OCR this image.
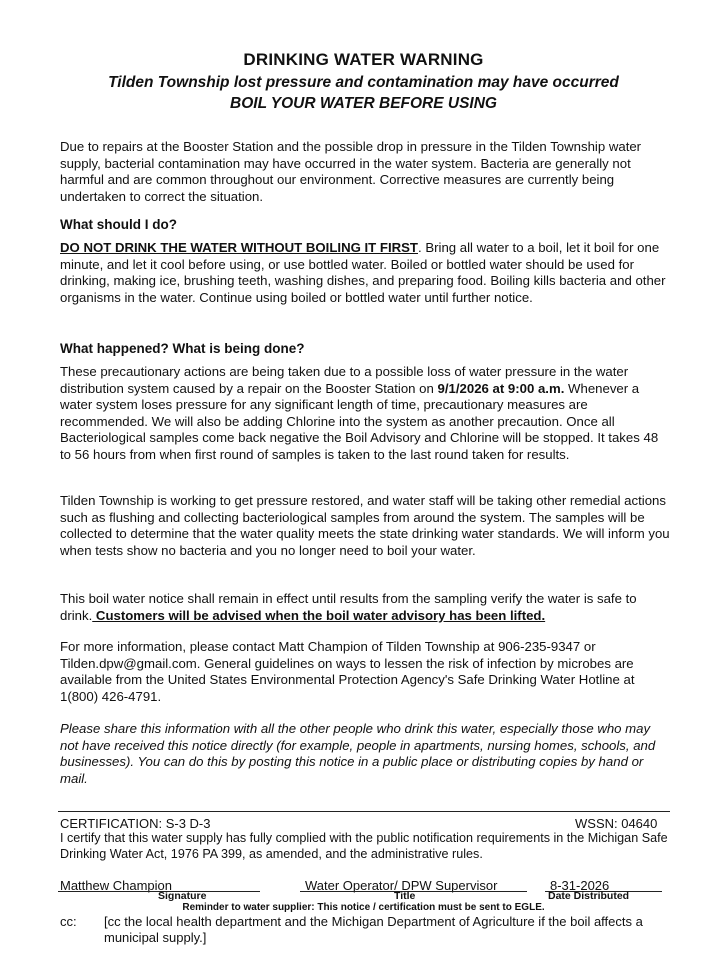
DRINKING WATER WARNING
Tilden Township lost pressure and contamination may have occurred
BOIL YOUR WATER BEFORE USING
Due to repairs at the Booster Station and the possible drop in pressure in the Tilden Township water supply, bacterial contamination may have occurred in the water system. Bacteria are generally not harmful and are common throughout our environment. Corrective measures are currently being undertaken to correct the situation.
What should I do?
DO NOT DRINK THE WATER WITHOUT BOILING IT FIRST. Bring all water to a boil, let it boil for one minute, and let it cool before using, or use bottled water. Boiled or bottled water should be used for drinking, making ice, brushing teeth, washing dishes, and preparing food. Boiling kills bacteria and other organisms in the water. Continue using boiled or bottled water until further notice.
What happened? What is being done?
These precautionary actions are being taken due to a possible loss of water pressure in the water distribution system caused by a repair on the Booster Station on 9/1/2026 at 9:00 a.m. Whenever a water system loses pressure for any significant length of time, precautionary measures are recommended. We will also be adding Chlorine into the system as another precaution. Once all Bacteriological samples come back negative the Boil Advisory and Chlorine will be stopped. It takes 48 to 56 hours from when first round of samples is taken to the last round taken for results.
Tilden Township is working to get pressure restored, and water staff will be taking other remedial actions such as flushing and collecting bacteriological samples from around the system. The samples will be collected to determine that the water quality meets the state drinking water standards. We will inform you when tests show no bacteria and you no longer need to boil your water.
This boil water notice shall remain in effect until results from the sampling verify the water is safe to drink. Customers will be advised when the boil water advisory has been lifted.
For more information, please contact Matt Champion of Tilden Township at 906-235-9347 or Tilden.dpw@gmail.com. General guidelines on ways to lessen the risk of infection by microbes are available from the United States Environmental Protection Agency's Safe Drinking Water Hotline at 1(800) 426-4791.
Please share this information with all the other people who drink this water, especially those who may not have received this notice directly (for example, people in apartments, nursing homes, schools, and businesses). You can do this by posting this notice in a public place or distributing copies by hand or mail.
CERTIFICATION: S-3 D-3	WSSN: 04640
I certify that this water supply has fully complied with the public notification requirements in the Michigan Safe Drinking Water Act, 1976 PA 399, as amended, and the administrative rules.
Matthew Champion	Water Operator/ DPW Supervisor	8-31-2026
Signature	Title	Date Distributed
Reminder to water supplier: This notice / certification must be sent to EGLE.
cc: [cc the local health department and the Michigan Department of Agriculture if the boil affects a municipal supply.]
